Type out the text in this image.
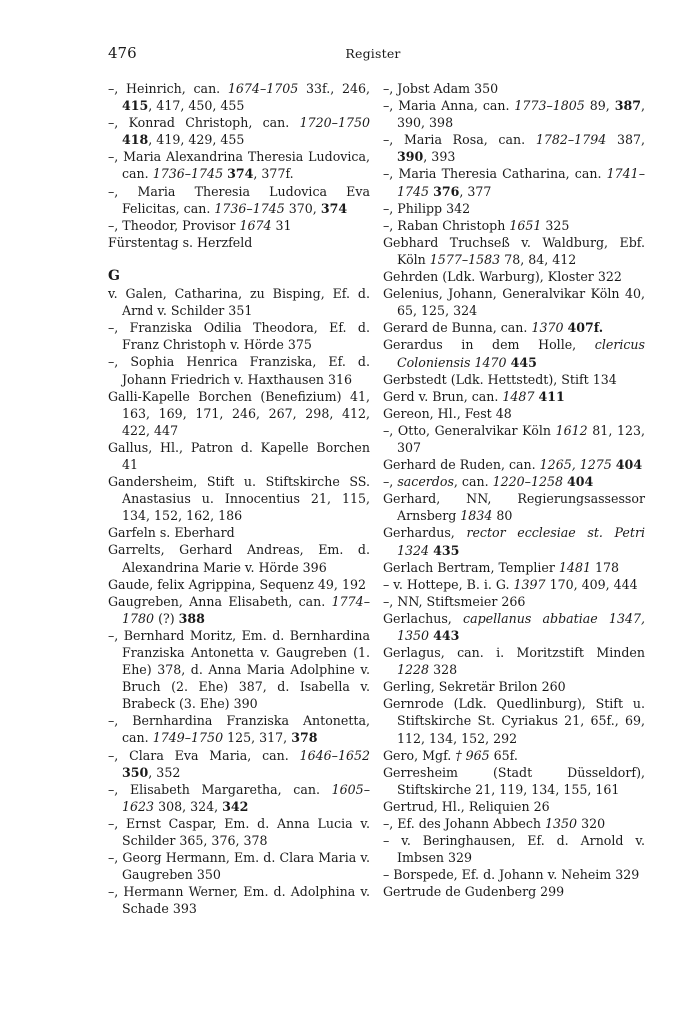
476	Register

–, Heinrich, can. 1674–1705 33f., 246, 415, 417, 450, 455

–, Konrad Christoph, can. 1720–1750 418, 419, 429, 455

–, Maria Alexandrina Theresia Ludovica, can. 1736–1745 374, 377f.

–, Maria Theresia Ludovica Eva Felicitas, can. 1736–1745 370, 374

–, Theodor, Provisor 1674 31

Fürstentag s. Herzfeld

G

v. Galen, Catharina, zu Bisping, Ef. d. Arnd v. Schilder 351

–, Franziska Odilia Theodora, Ef. d. Franz Christoph v. Hörde 375

–, Sophia Henrica Franziska, Ef. d. Johann Friedrich v. Haxthausen 316

Galli-Kapelle Borchen (Benefizium) 41, 163, 169, 171, 246, 267, 298, 412, 422, 447

Gallus, Hl., Patron d. Kapelle Borchen 41

Gandersheim, Stift u. Stiftskirche SS. Anastasius u. Innocentius 21, 115, 134, 152, 162, 186

Garfeln s. Eberhard

Garrelts, Gerhard Andreas, Em. d. Alexandrina Marie v. Hörde 396

Gaude, felix Agrippina, Sequenz 49, 192

Gaugreben, Anna Elisabeth, can. 1774–1780 (?) 388

–, Bernhard Moritz, Em. d. Bernhardina Franziska Antonetta v. Gaugreben (1. Ehe) 378, d. Anna Maria Adolphine v. Bruch (2. Ehe) 387, d. Isabella v. Brabeck (3. Ehe) 390

–, Bernhardina Franziska Antonetta, can. 1749–1750 125, 317, 378

–, Clara Eva Maria, can. 1646–1652 350, 352

–, Elisabeth Margaretha, can. 1605–1623 308, 324, 342

–, Ernst Caspar, Em. d. Anna Lucia v. Schilder 365, 376, 378

–, Georg Hermann, Em. d. Clara Maria v. Gaugreben 350

–, Hermann Werner, Em. d. Adolphina v. Schade 393

–, Jobst Adam 350

–, Maria Anna, can. 1773–1805 89, 387, 390, 398

–, Maria Rosa, can. 1782–1794 387, 390, 393

–, Maria Theresia Catharina, can. 1741–1745 376, 377

–, Philipp 342

–, Raban Christoph 1651 325

Gebhard Truchseß v. Waldburg, Ebf. Köln 1577–1583 78, 84, 412

Gehrden (Ldk. Warburg), Kloster 322

Gelenius, Johann, Generalvikar Köln 40, 65, 125, 324

Gerard de Bunna, can. 1370 407f.

Gerardus in dem Holle, clericus Coloniensis 1470 445

Gerbstedt (Ldk. Hettstedt), Stift 134

Gerd v. Brun, can. 1487 411

Gereon, Hl., Fest 48

–, Otto, Generalvikar Köln 1612 81, 123, 307

Gerhard de Ruden, can. 1265, 1275 404

–, sacerdos, can. 1220–1258 404

Gerhard, NN, Regierungsassessor Arnsberg 1834 80

Gerhardus, rector ecclesiae st. Petri 1324 435

Gerlach Bertram, Templier 1481 178

– v. Hottepe, B. i. G. 1397 170, 409, 444

–, NN, Stiftsmeier 266

Gerlachus, capellanus abbatiae 1347, 1350 443

Gerlagus, can. i. Moritzstift Minden 1228 328

Gerling, Sekretär Brilon 260

Gernrode (Ldk. Quedlinburg), Stift u. Stiftskirche St. Cyriakus 21, 65f., 69, 112, 134, 152, 292

Gero, Mgf. † 965 65f.

Gerresheim (Stadt Düsseldorf), Stiftskirche 21, 119, 134, 155, 161

Gertrud, Hl., Reliquien 26

–, Ef. des Johann Abbech 1350 320

– v. Beringhausen, Ef. d. Arnold v. Imbsen 329

– Borspede, Ef. d. Johann v. Neheim 329

Gertrude de Gudenberg 299
